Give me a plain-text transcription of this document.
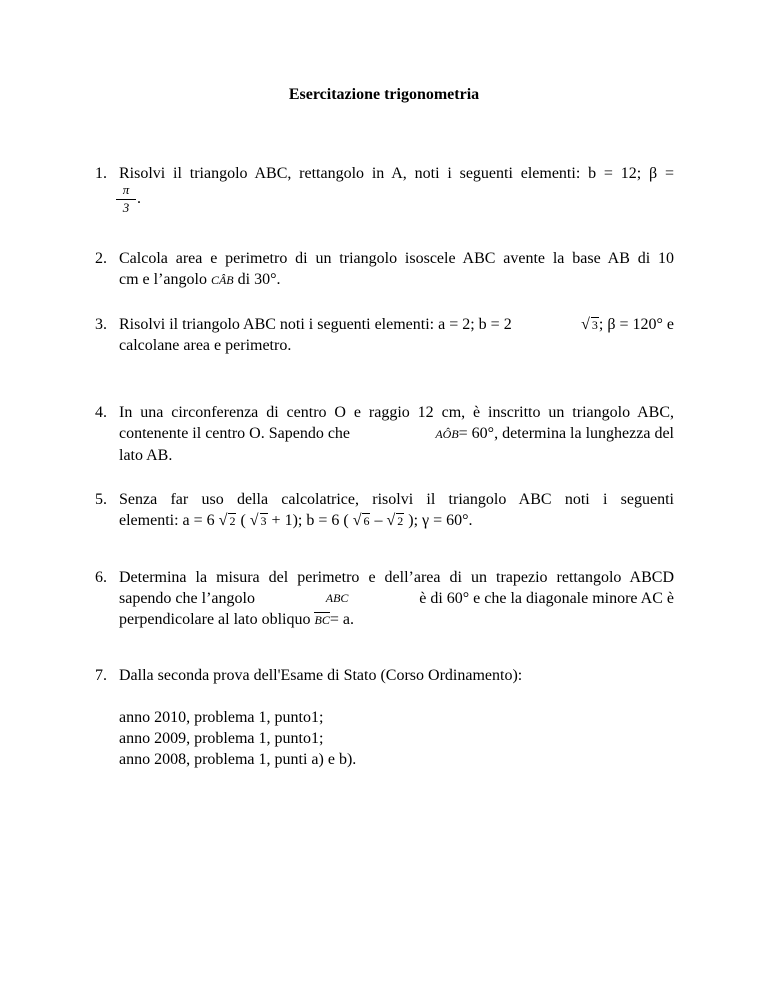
Esercitazione trigonometria
1. Risolvi il triangolo ABC, rettangolo in A, noti i seguenti elementi: b = 12; β =
π
3
.
2. Calcola area e perimetro di un triangolo isoscele ABC avente la base AB di 10
cm e l’angolo CÂB di 30°.
3. Risolvi il triangolo ABC noti i seguenti elementi: a = 2; b = 2	√ 3; β = 120° e
calcolane area e perimetro.
4. In una circonferenza di centro O e raggio 12 cm, è inscritto un triangolo ABC,
contenente il centro O. Sapendo che	AÔB= 60°, determina la lunghezza del
lato AB.
5. Senza far uso della calcolatrice, risolvi il triangolo ABC noti i seguenti
elementi: a = 6 √ 2 ( √ 3 + 1); b = 6 ( √ 6 – √ 2 ); γ = 60°.
6. Determina la misura del perimetro e dell’area di un trapezio rettangolo ABCD
sapendo che l’angolo	ABC	è di 60° e che la diagonale minore AC è
perpendicolare al lato obliquo BC= a.
7. Dalla seconda prova dell'Esame di Stato (Corso Ordinamento):
anno 2010, problema 1, punto1;
anno 2009, problema 1, punto1;
anno 2008, problema 1, punti a) e b).
